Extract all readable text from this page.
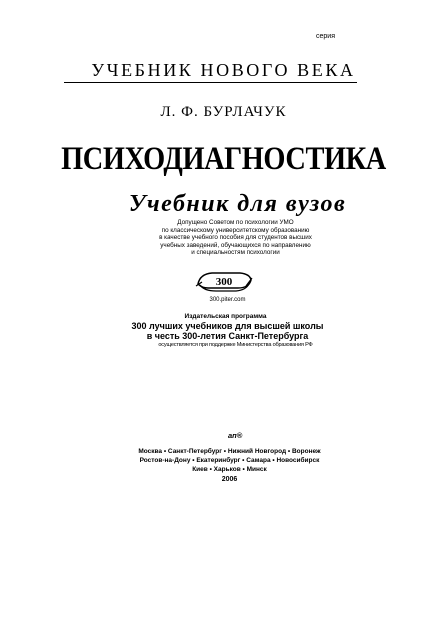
серия
УЧЕБНИК НОВОГО ВЕКА
Л. Ф. БУРЛАЧУК
ПСИХОДИАГНОСТИКА
Учебник для вузов
Допущено Советом по психологии УМО
по классическому университетскому образованию
в качестве учебного пособия для студентов высших
учебных заведений, обучающихся по направлению
и специальностям психологии
300
300.piter.com
Издательская программа
300 лучших учебников для высшей школы
в честь 300-летия Санкт-Петербурга
осуществляется при поддержке Министерства образования РФ
ап®
Москва • Санкт-Петербург • Нижний Новгород • Воронеж
Ростов-на-Дону • Екатеринбург • Самара • Новосибирск
Киев • Харьков • Минск
2006
